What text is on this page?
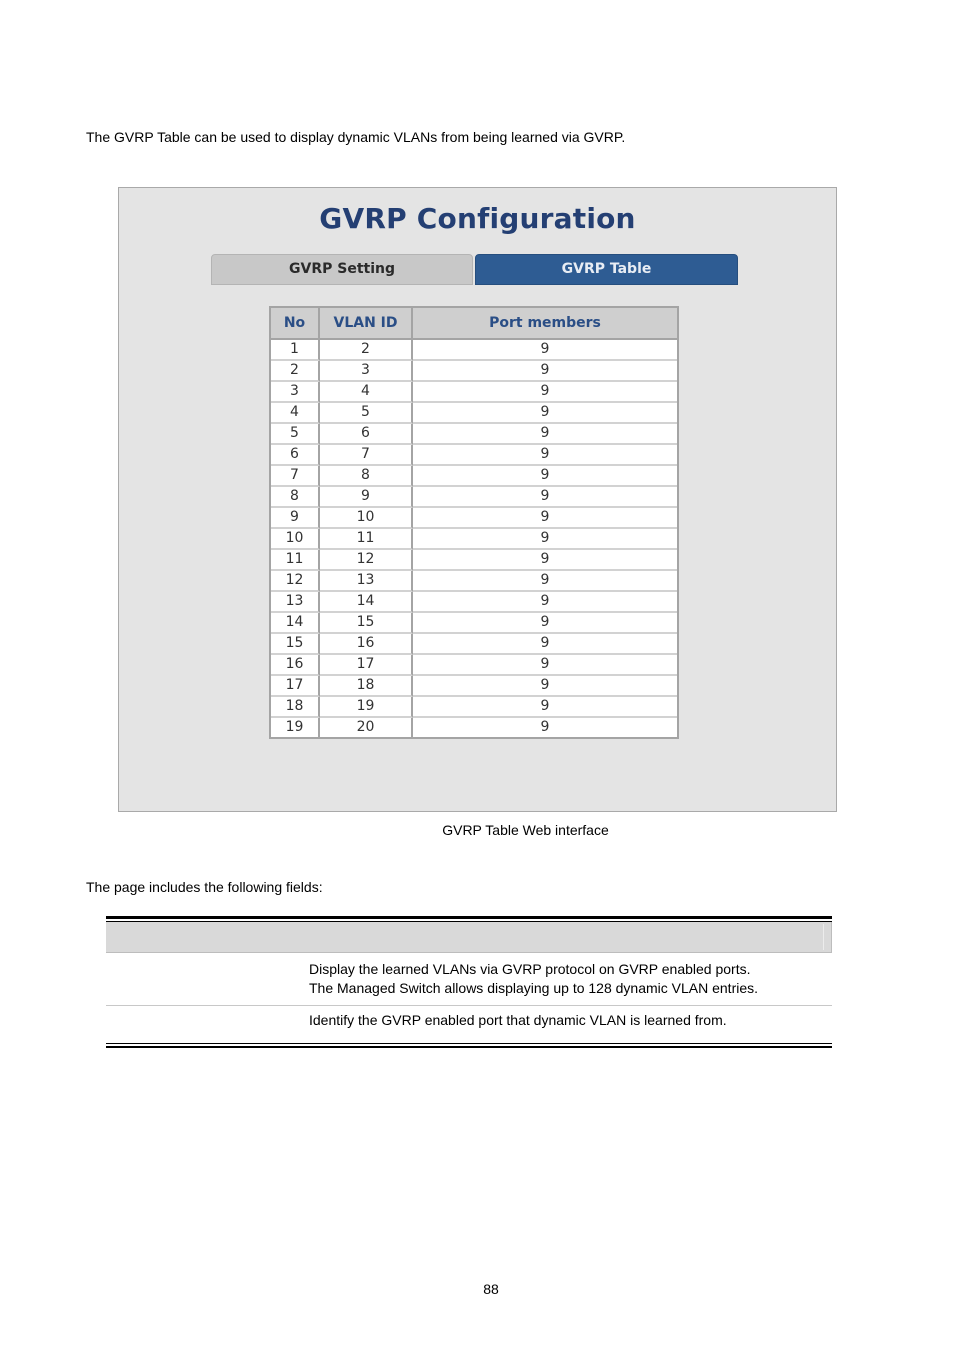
The GVRP Table can be used to display dynamic VLANs from being learned via GVRP.
GVRP Configuration
GVRP Setting	GVRP Table
No	VLAN ID	Port members
1	2	9
2	3	9
3	4	9
4	5	9
5	6	9
6	7	9
7	8	9
8	9	9
9	10	9
10	11	9
11	12	9
12	13	9
13	14	9
14	15	9
15	16	9
16	17	9
17	18	9
18	19	9
19	20	9
GVRP Table Web interface
The page includes the following fields:
Display the learned VLANs via GVRP protocol on GVRP enabled ports.
The Managed Switch allows displaying up to 128 dynamic VLAN entries.
Identify the GVRP enabled port that dynamic VLAN is learned from.
88
